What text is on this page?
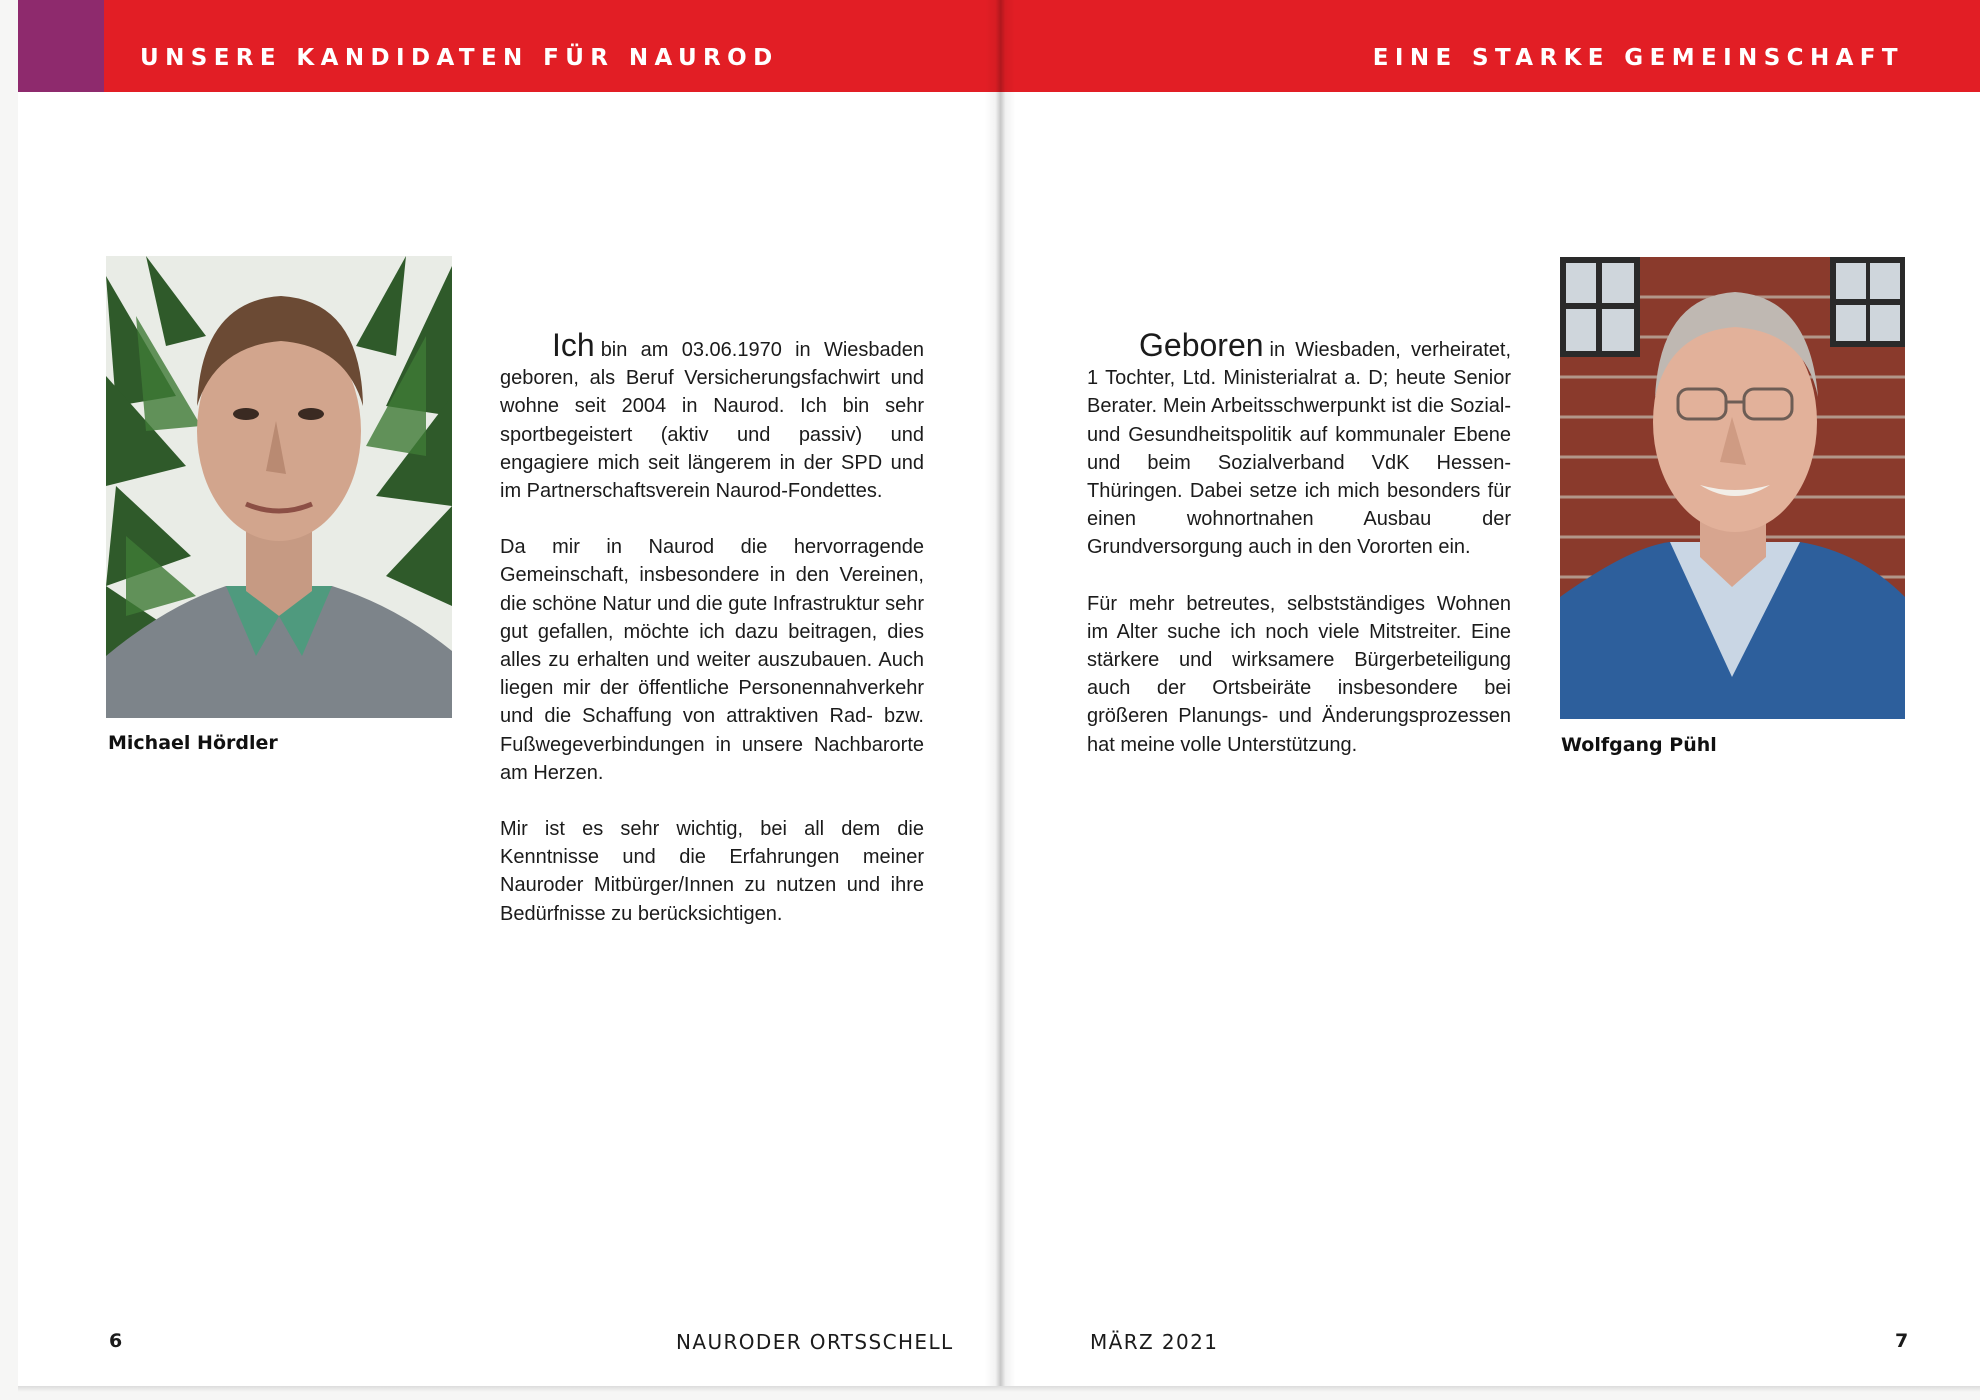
UNSERE KANDIDATEN FÜR NAUROD	EINE STARKE GEMEINSCHAFT
Michael Hördler

Ich bin am 03.06.1970 in Wiesbaden geboren, als Beruf Versicherungsfachwirt und wohne seit 2004 in Naurod. Ich bin sehr sportbegeistert (aktiv und passiv) und engagiere mich seit längerem in der SPD und im Partnerschaftsverein Naurod-Fondettes.

Da mir in Naurod die hervorragende Gemeinschaft, insbesondere in den Vereinen, die schöne Natur und die gute Infrastruktur sehr gut gefallen, möchte ich dazu beitragen, dies alles zu erhalten und weiter auszubauen. Auch liegen mir der öffentliche Personennahverkehr und die Schaffung von attraktiven Rad- bzw. Fußwegeverbindungen in unsere Nachbarorte am Herzen.

Mir ist es sehr wichtig, bei all dem die Kenntnisse und die Erfahrungen meiner Nauroder Mitbürger/Innen zu nutzen und ihre Bedürfnisse zu berücksichtigen.

Geboren in Wiesbaden, verheiratet, 1 Tochter, Ltd. Ministerialrat a. D; heute Senior Berater. Mein Arbeitsschwerpunkt ist die Sozial- und Gesundheitspolitik auf kommunaler Ebene und beim Sozialverband VdK Hessen-Thüringen. Dabei setze ich mich besonders für einen wohnortnahen Ausbau der Grundversorgung auch in den Vororten ein.

Für mehr betreutes, selbstständiges Wohnen im Alter suche ich noch viele Mitstreiter. Eine stärkere und wirksamere Bürgerbeteiligung auch der Ortsbeiräte insbesondere bei größeren Planungs- und Änderungsprozessen hat meine volle Unterstützung.	Wolfgang Pühl
6	NAURODER ORTSSCHELL	MÄRZ 2021	7
